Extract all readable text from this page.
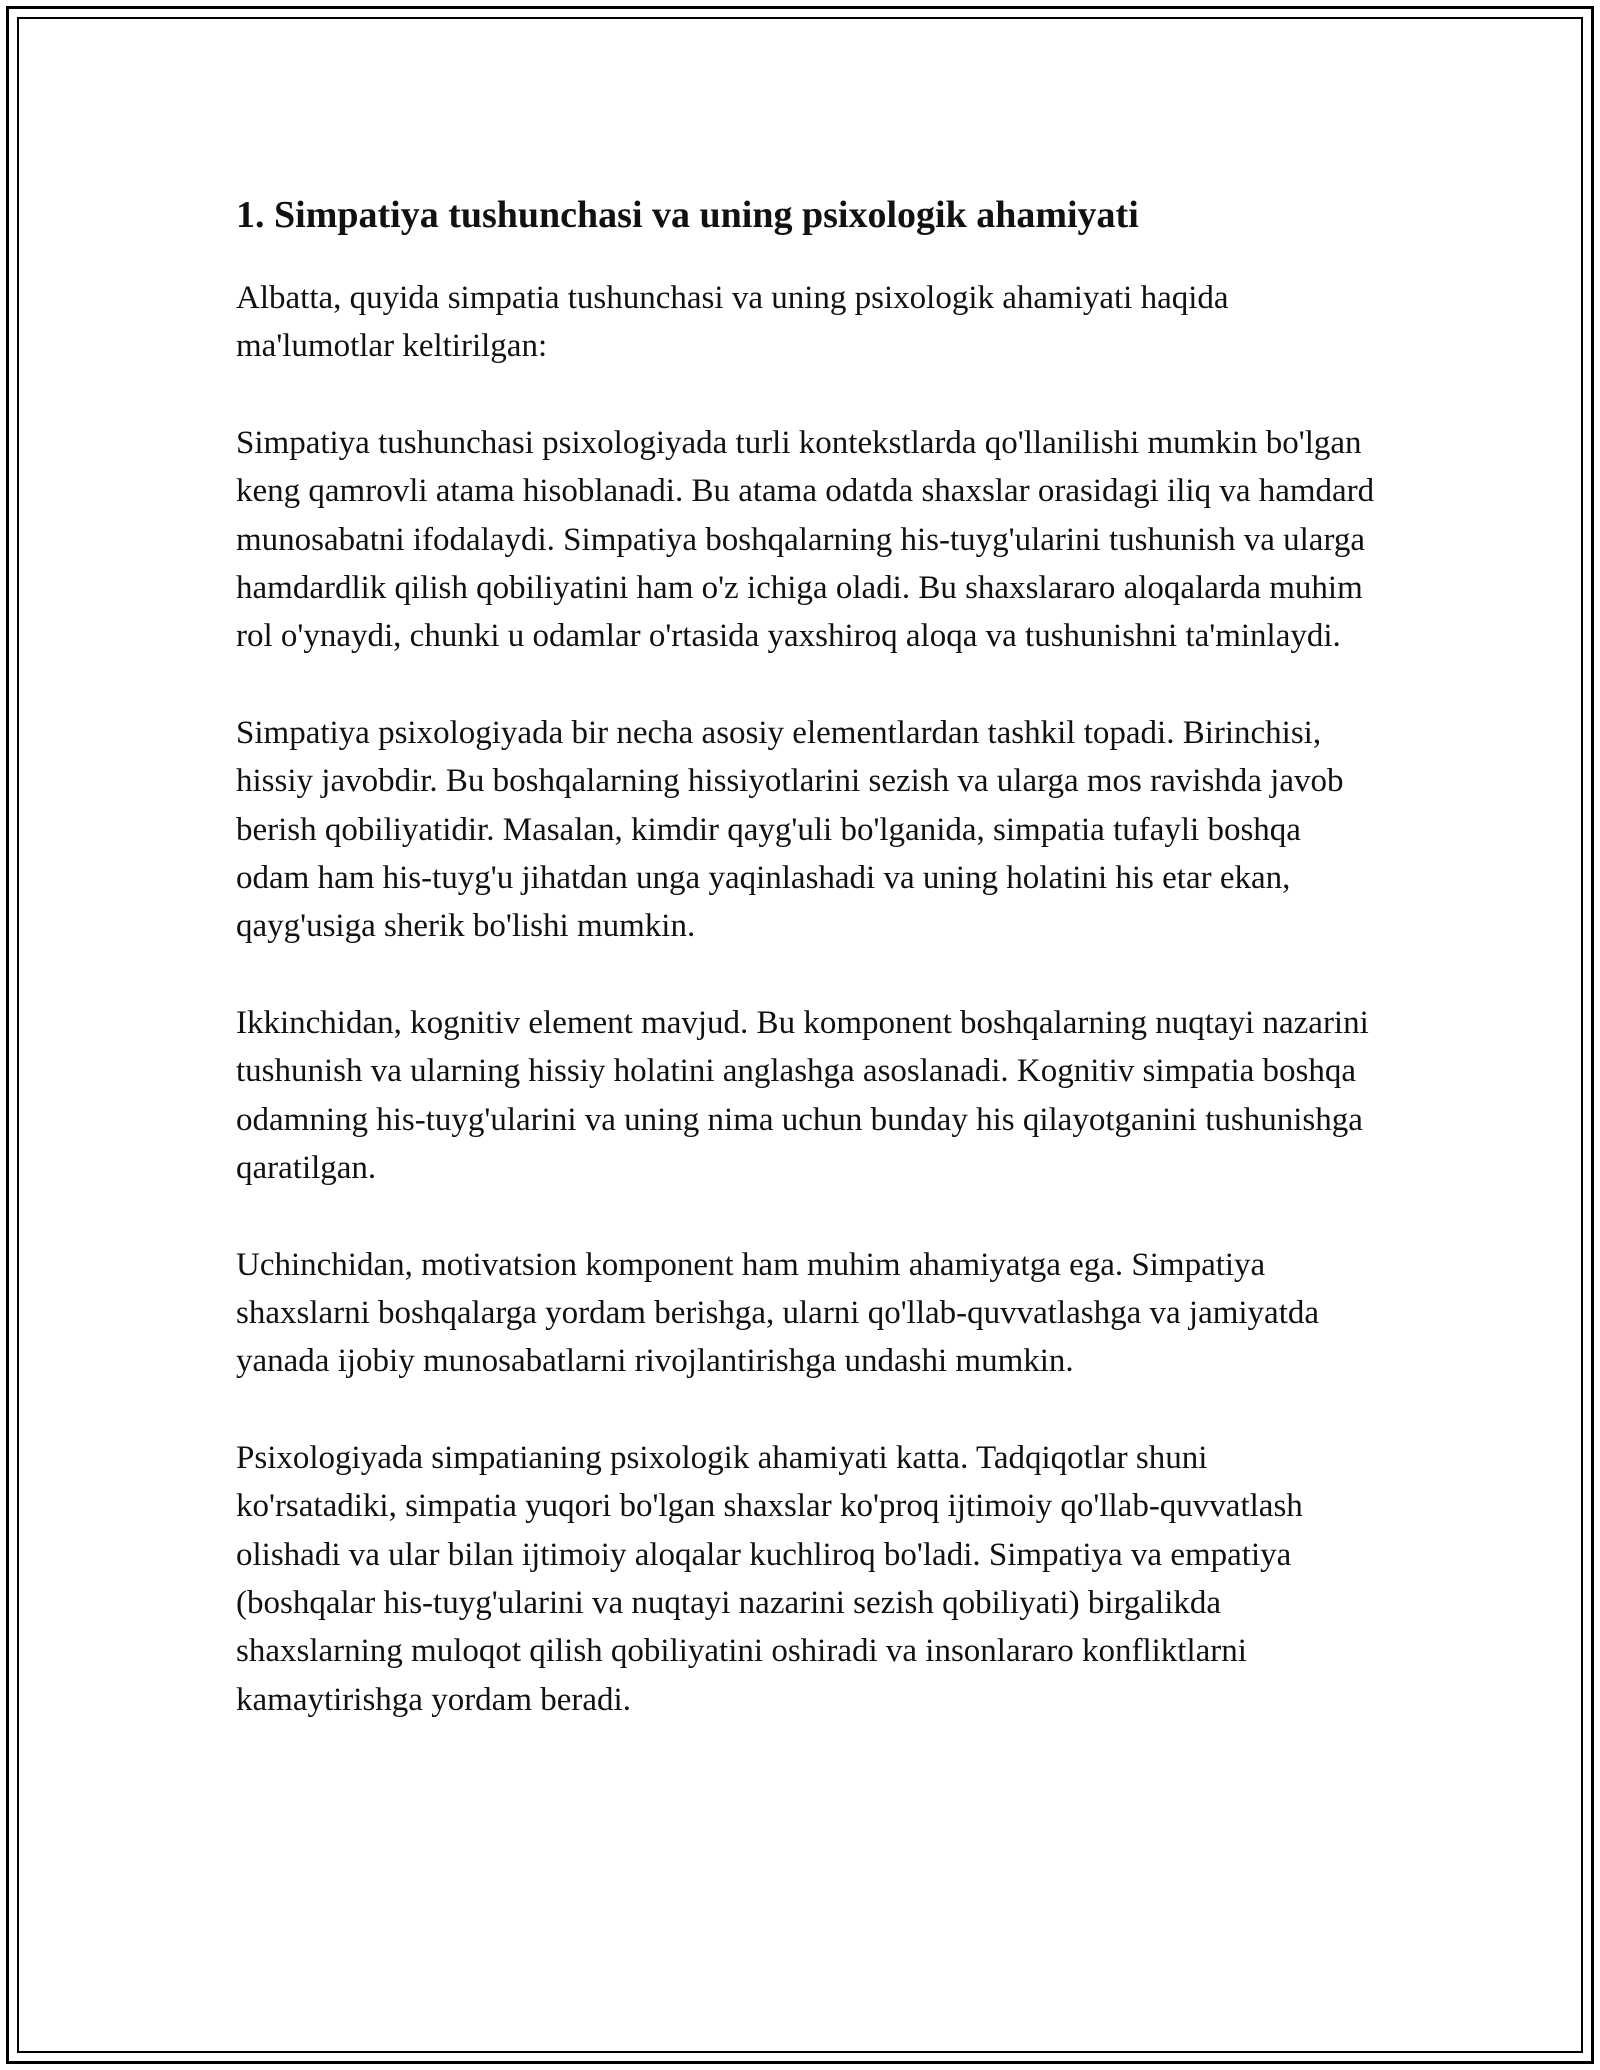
1. Simpatiya tushunchasi va uning psixologik ahamiyati

Albatta, quyida simpatia tushunchasi va uning psixologik ahamiyati haqida ma'lumotlar keltirilgan:

Simpatiya tushunchasi psixologiyada turli kontekstlarda qo'llanilishi mumkin bo'lgan keng qamrovli atama hisoblanadi. Bu atama odatda shaxslar orasidagi iliq va hamdard munosabatni ifodalaydi. Simpatiya boshqalarning his-tuyg'ularini tushunish va ularga hamdardlik qilish qobiliyatini ham o'z ichiga oladi. Bu shaxslararo aloqalarda muhim rol o'ynaydi, chunki u odamlar o'rtasida yaxshiroq aloqa va tushunishni ta'minlaydi.

Simpatiya psixologiyada bir necha asosiy elementlardan tashkil topadi. Birinchisi, hissiy javobdir. Bu boshqalarning hissiyotlarini sezish va ularga mos ravishda javob berish qobiliyatidir. Masalan, kimdir qayg'uli bo'lganida, simpatia tufayli boshqa odam ham his-tuyg'u jihatdan unga yaqinlashadi va uning holatini his etar ekan, qayg'usiga sherik bo'lishi mumkin.

Ikkinchidan, kognitiv element mavjud. Bu komponent boshqalarning nuqtayi nazarini tushunish va ularning hissiy holatini anglashga asoslanadi. Kognitiv simpatia boshqa odamning his-tuyg'ularini va uning nima uchun bunday his qilayotganini tushunishga qaratilgan.

Uchinchidan, motivatsion komponent ham muhim ahamiyatga ega. Simpatiya shaxslarni boshqalarga yordam berishga, ularni qo'llab-quvvatlashga va jamiyatda yanada ijobiy munosabatlarni rivojlantirishga undashi mumkin.

Psixologiyada simpatianing psixologik ahamiyati katta. Tadqiqotlar shuni ko'rsatadiki, simpatia yuqori bo'lgan shaxslar ko'proq ijtimoiy qo'llab-quvvatlash olishadi va ular bilan ijtimoiy aloqalar kuchliroq bo'ladi. Simpatiya va empatiya (boshqalar his-tuyg'ularini va nuqtayi nazarini sezish qobiliyati) birgalikda shaxslarning muloqot qilish qobiliyatini oshiradi va insonlararo konfliktlarni kamaytirishga yordam beradi.
